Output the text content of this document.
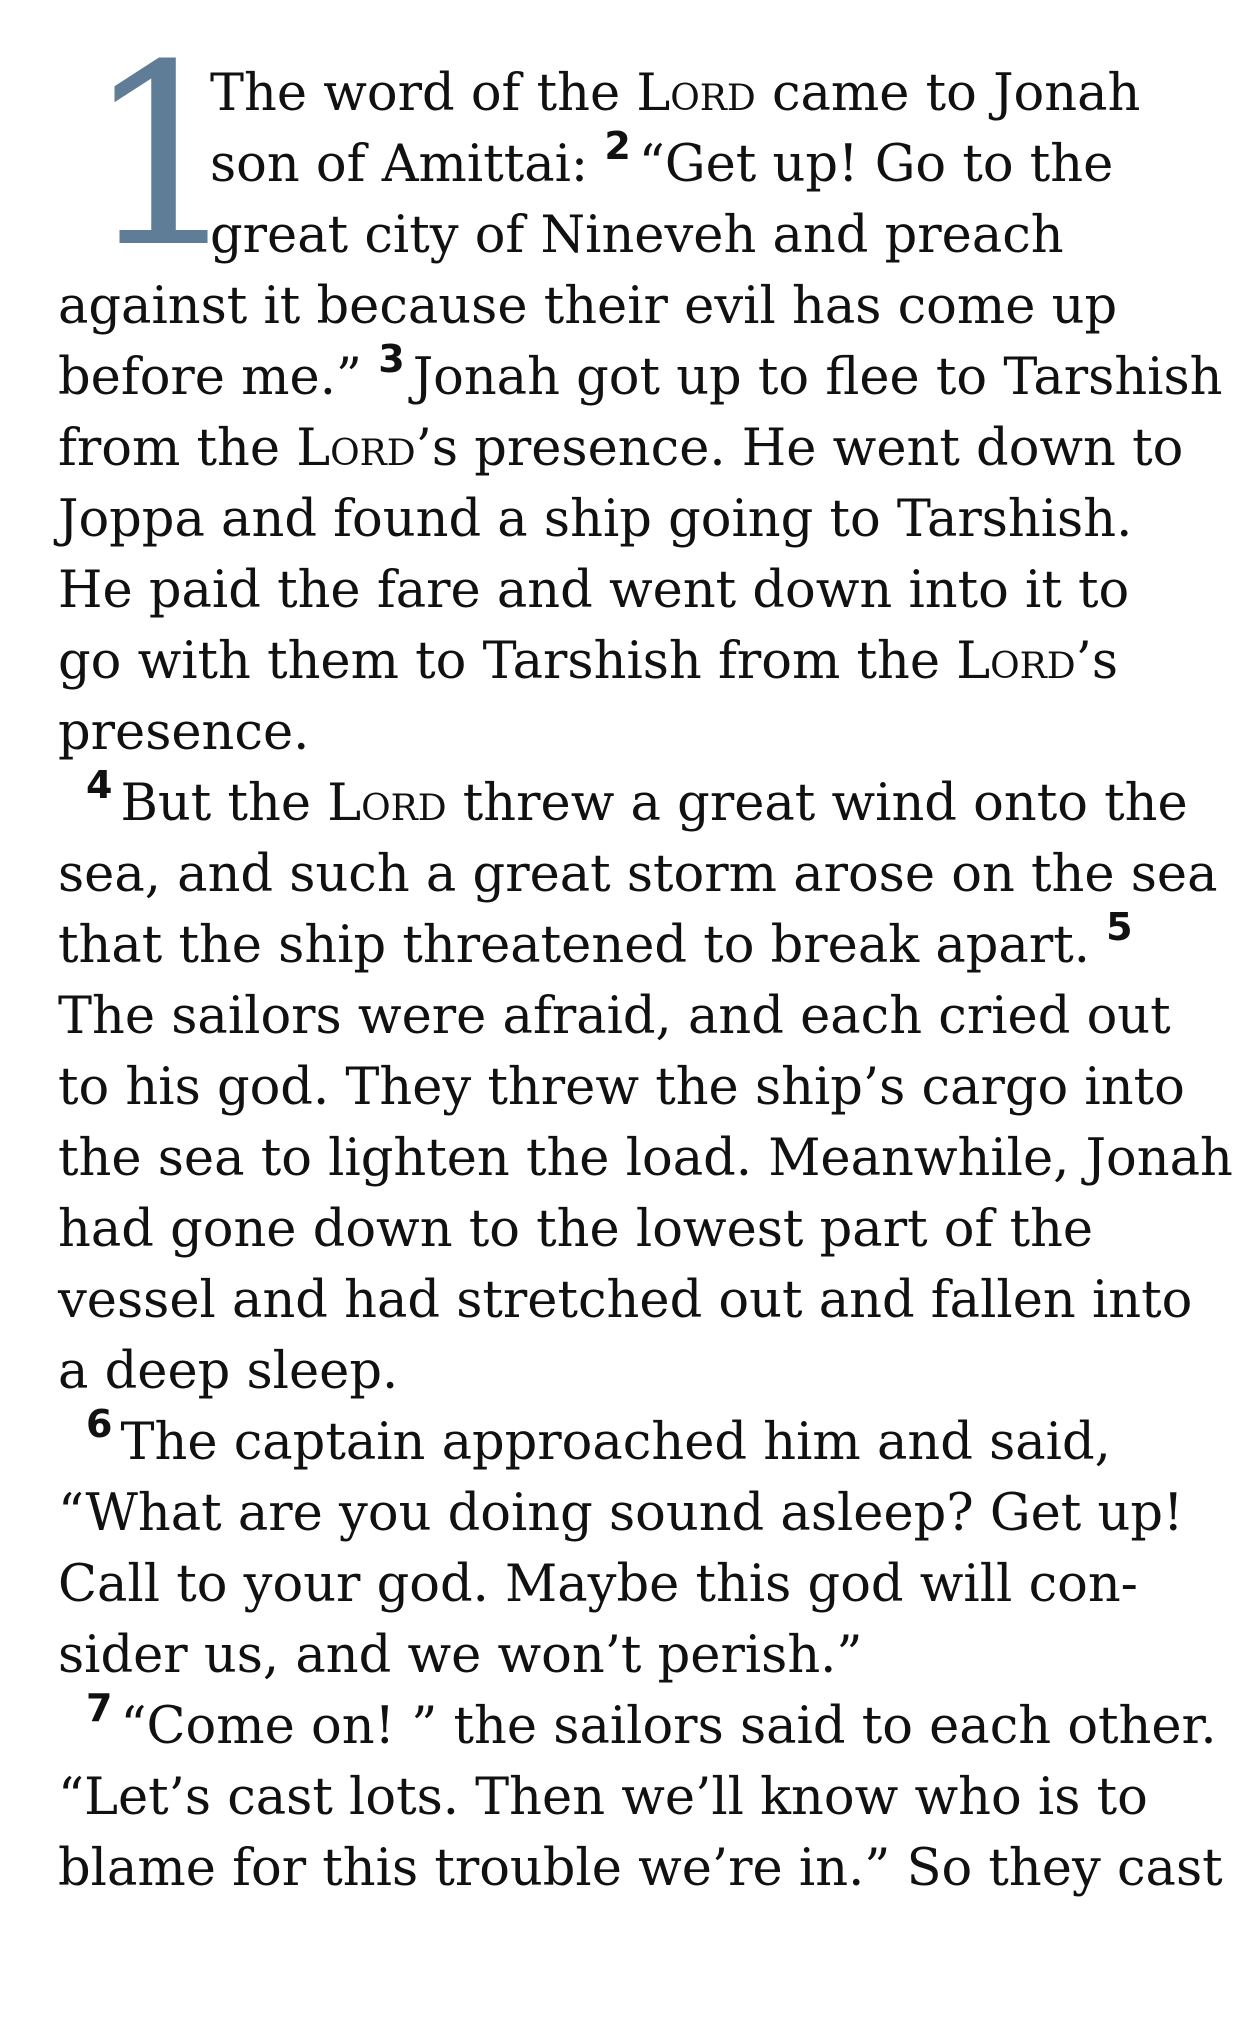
1
The word of the Lord came to Jonah
son of Amittai: $^2$ “Get up! Go to the
great city of Nineveh and preach
against it because their evil has come up
before me.” $^3$ Jonah got up to flee to Tarshish
from the Lord’s presence. He went down to
Joppa and found a ship going to Tarshish.
He paid the fare and went down into it to
go with them to Tarshish from the Lord’s
presence.
$^4$ But the Lord threw a great wind onto the
sea, and such a great storm arose on the sea
that the ship threatened to break apart. $^5$
The sailors were afraid, and each cried out
to his god. They threw the ship’s cargo into
the sea to lighten the load. Meanwhile, Jonah
had gone down to the lowest part of the
vessel and had stretched out and fallen into
a deep sleep.
$^6$ The captain approached him and said,
“What are you doing sound asleep? Get up!
Call to your god. Maybe this god will con-
sider us, and we won’t perish.”
$^7$ “Come on! ” the sailors said to each other.
“Let’s cast lots. Then we’ll know who is to
blame for this trouble we’re in.” So they cast
